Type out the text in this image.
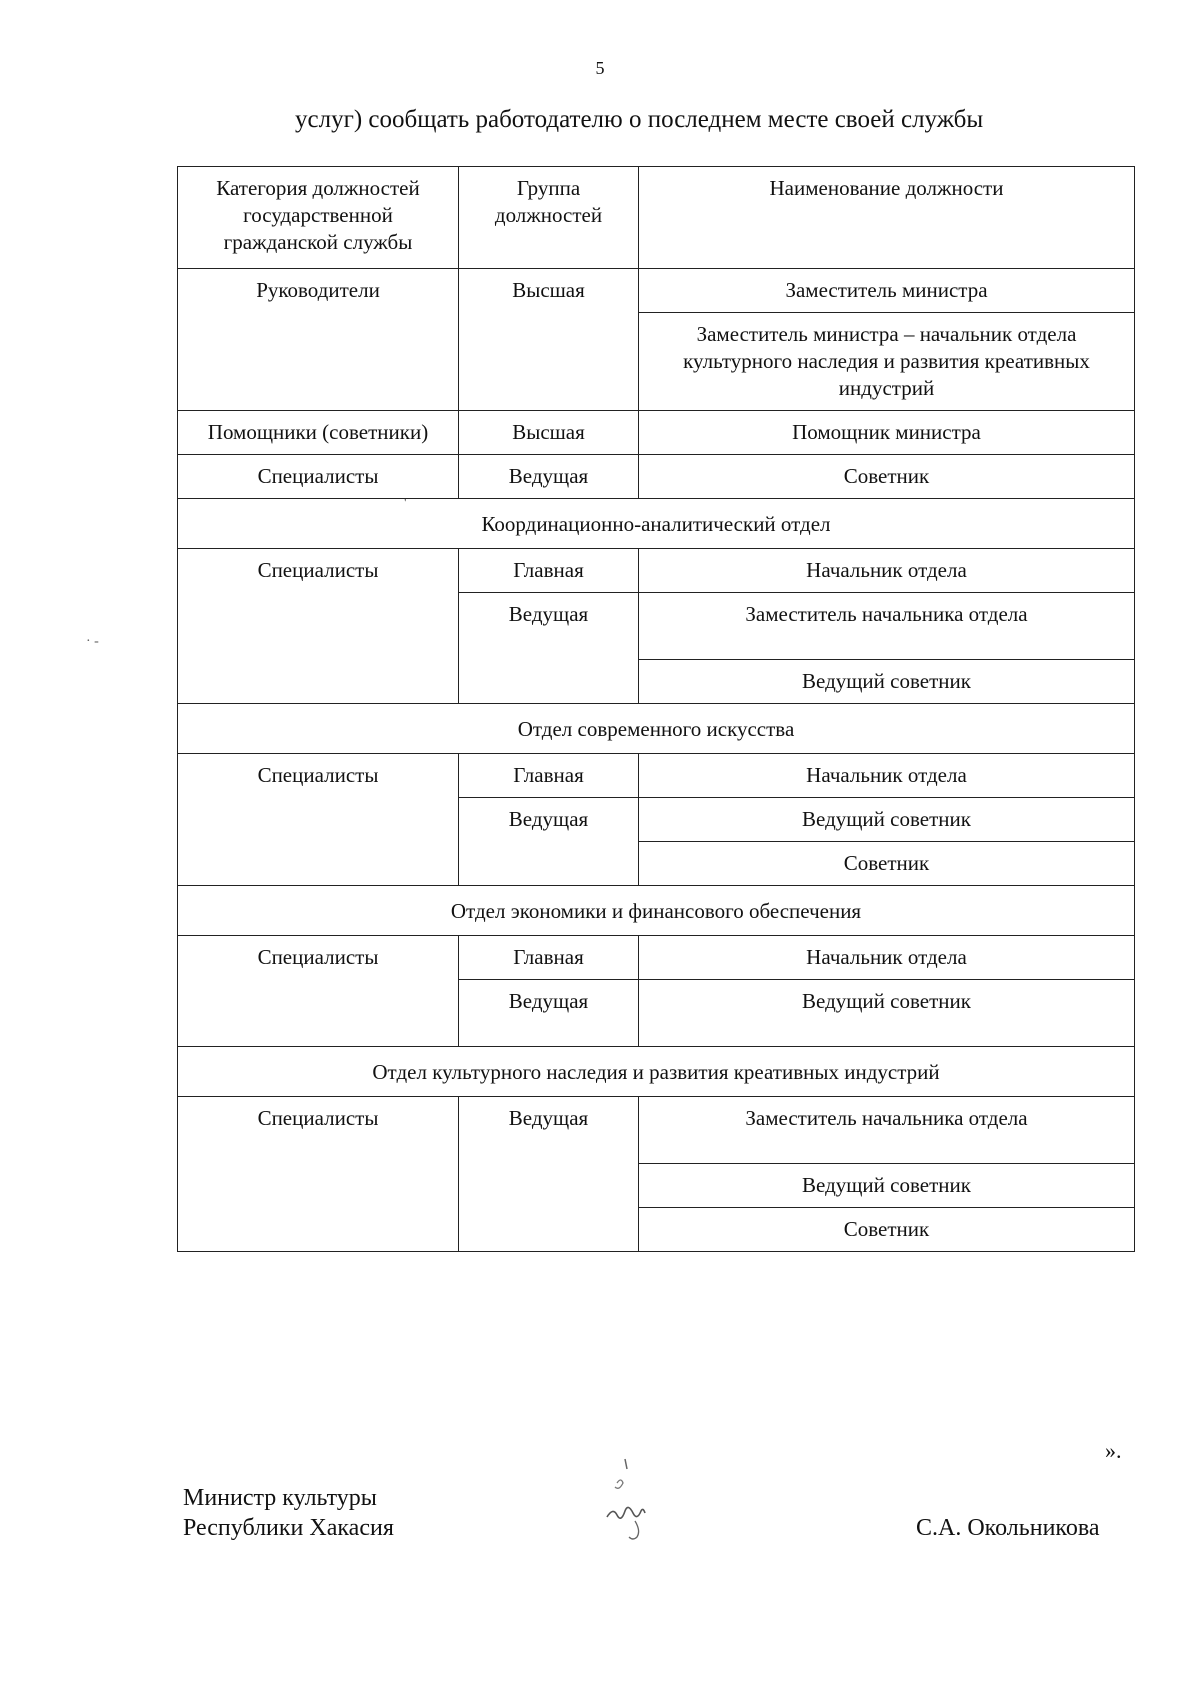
5
услуг) сообщать работодателю о последнем месте своей службы
· -
'
Категория должностей государственной гражданской службы	Группа должностей	Наименование должности
Руководители	Высшая	Заместитель министра
		Заместитель министра – начальник отдела культурного наследия и развития креативных индустрий
Помощники (советники)	Высшая	Помощник министра
Специалисты	Ведущая	Советник
Координационно-аналитический отдел		
Специалисты	Главная	Начальник отдела
	Ведущая	Заместитель начальника отдела
		Ведущий советник
Отдел современного искусства		
Специалисты	Главная	Начальник отдела
	Ведущая	Ведущий советник
		Советник
Отдел экономики и финансового обеспечения		
Специалисты	Главная	Начальник отдела
	Ведущая	Ведущий советник
Отдел культурного наследия и развития креативных индустрий		
Специалисты	Ведущая	Заместитель начальника отдела
		Ведущий советник
		Советник
».
Министр культуры
Республики Хакасия	С.А. Окольникова
